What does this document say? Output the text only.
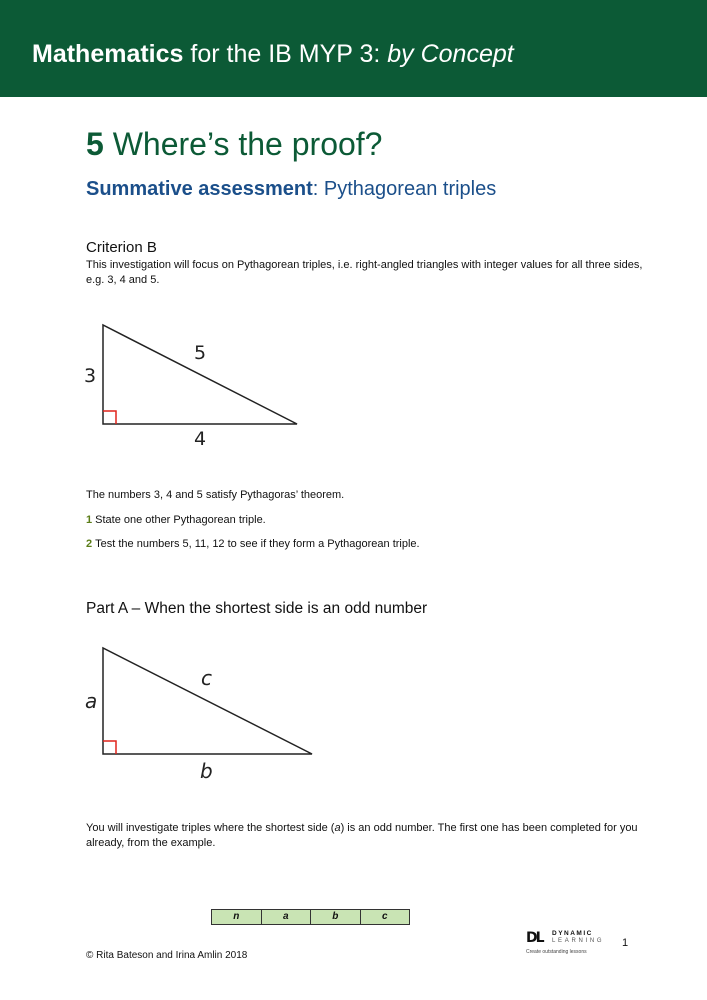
Mathematics for the IB MYP 3: by Concept
5 Where’s the proof?
Summative assessment: Pythagorean triples
Criterion B
This investigation will focus on Pythagorean triples, i.e. right-angled triangles with integer values for all three sides, e.g. 3, 4 and 5.
3
5
4
a
c
b
The numbers 3, 4 and 5 satisfy Pythagoras’ theorem.
1 State one other Pythagorean triple.
2 Test the numbers 5, 11, 12 to see if they form a Pythagorean triple.
Part A – When the shortest side is an odd number
You will investigate triples where the shortest side (a) is an odd number. The first one has been completed for you already, from the example.
n	a	b	c
© Rita Bateson and Irina Amlin 2018
DL DYNAMIC
LEARNING
Create outstanding lessons
1
